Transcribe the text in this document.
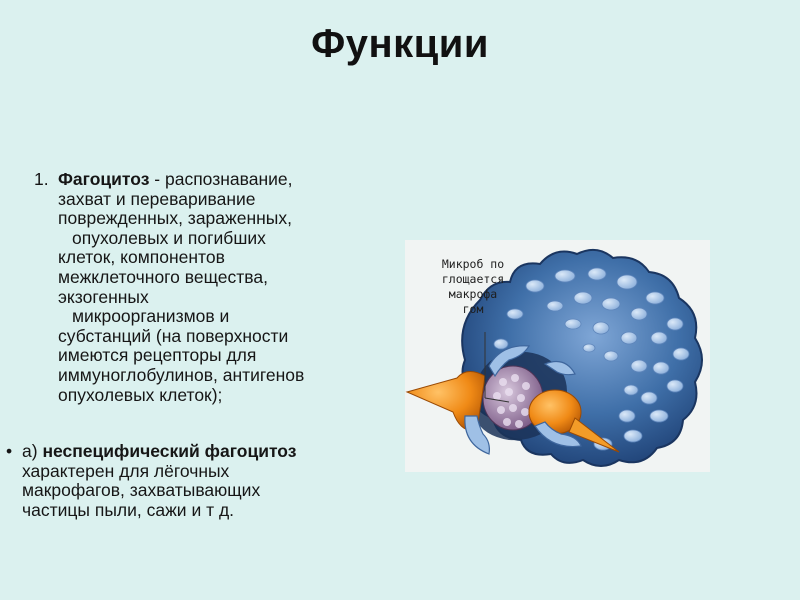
Функции
1. Фагоцитоз - распознавание,
захват и переваривание
поврежденных, зараженных,
опухолевых и погибших
клеток, компонентов
межклеточного вещества,
экзогенных
микроорганизмов и
субстанций (на поверхности
имеются рецепторы для
иммуноглобулинов, антигенов
опухолевых клеток);
• а) неспецифический фагоцитоз
характерен для лёгочных
макрофагов, захватывающих
частицы пыли, сажи и т д.
Микроб по
глощается
макрофа
гом
